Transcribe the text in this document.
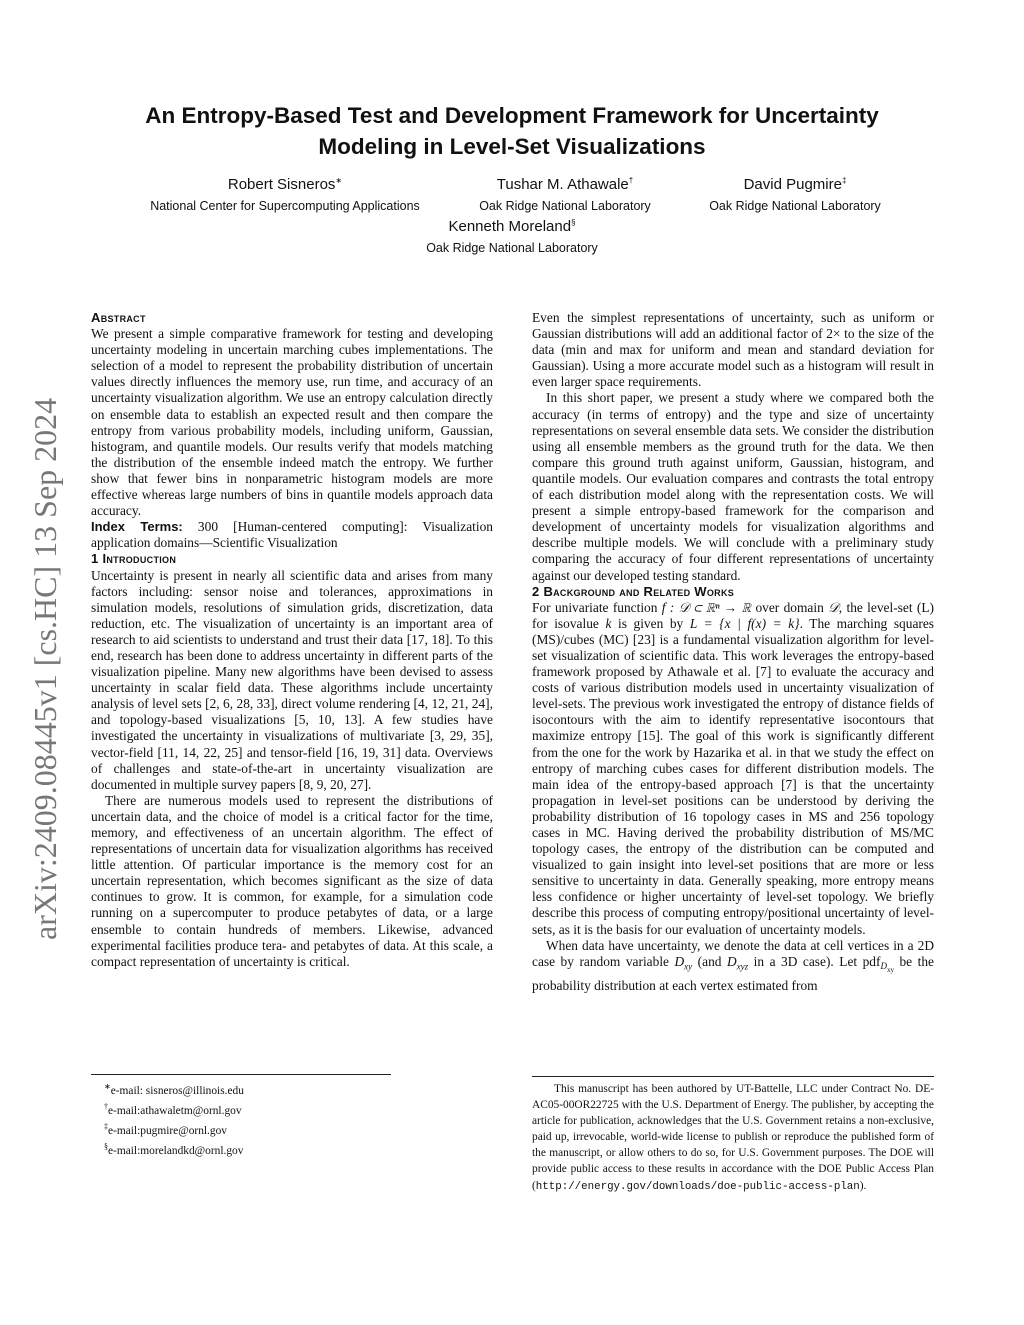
arXiv:2409.08445v1 [cs.HC] 13 Sep 2024
An Entropy-Based Test and Development Framework for Uncertainty
Modeling in Level-Set Visualizations
Robert Sisneros∗
National Center for Supercomputing Applications
Tushar M. Athawale†
Oak Ridge National Laboratory
David Pugmire‡
Oak Ridge National Laboratory
Kenneth Moreland§
Oak Ridge National Laboratory

Abstract

We present a simple comparative framework for testing and developing uncertainty modeling in uncertain marching cubes implementations. The selection of a model to represent the probability distribution of uncertain values directly influences the memory use, run time, and accuracy of an uncertainty visualization algorithm. We use an entropy calculation directly on ensemble data to establish an expected result and then compare the entropy from various probability models, including uniform, Gaussian, histogram, and quantile models. Our results verify that models matching the distribution of the ensemble indeed match the entropy. We further show that fewer bins in nonparametric histogram models are more effective whereas large numbers of bins in quantile models approach data accuracy.

Index Terms: 300 [Human-centered computing]: Visualization application domains—Scientific Visualization

1 Introduction

Uncertainty is present in nearly all scientific data and arises from many factors including: sensor noise and tolerances, approximations in simulation models, resolutions of simulation grids, discretization, data reduction, etc. The visualization of uncertainty is an important area of research to aid scientists to understand and trust their data [17, 18]. To this end, research has been done to address uncertainty in different parts of the visualization pipeline. Many new algorithms have been devised to assess uncertainty in scalar field data. These algorithms include uncertainty analysis of level sets [2, 6, 28, 33], direct volume rendering [4, 12, 21, 24], and topology-based visualizations [5, 10, 13]. A few studies have investigated the uncertainty in visualizations of multivariate [3, 29, 35], vector-field [11, 14, 22, 25] and tensor-field [16, 19, 31] data. Overviews of challenges and state-of-the-art in uncertainty visualization are documented in multiple survey papers [8, 9, 20, 27].

There are numerous models used to represent the distributions of uncertain data, and the choice of model is a critical factor for the time, memory, and effectiveness of an uncertain algorithm. The effect of representations of uncertain data for visualization algorithms has received little attention. Of particular importance is the memory cost for an uncertain representation, which becomes significant as the size of data continues to grow. It is common, for example, for a simulation code running on a supercomputer to produce petabytes of data, or a large ensemble to contain hundreds of members. Likewise, advanced experimental facilities produce tera- and petabytes of data. At this scale, a compact representation of uncertainty is critical.

Even the simplest representations of uncertainty, such as uniform or Gaussian distributions will add an additional factor of 2× to the size of the data (min and max for uniform and mean and standard deviation for Gaussian). Using a more accurate model such as a histogram will result in even larger space requirements.

In this short paper, we present a study where we compared both the accuracy (in terms of entropy) and the type and size of uncertainty representations on several ensemble data sets. We consider the distribution using all ensemble members as the ground truth for the data. We then compare this ground truth against uniform, Gaussian, histogram, and quantile models. Our evaluation compares and contrasts the total entropy of each distribution model along with the representation costs. We will present a simple entropy-based framework for the comparison and development of uncertainty models for visualization algorithms and describe multiple models. We will conclude with a preliminary study comparing the accuracy of four different representations of uncertainty against our developed testing standard.

2 Background and Related Works

For univariate function f : 𝒟 ⊂ ℝⁿ → ℝ over domain 𝒟, the level-set (L) for isovalue k is given by L = {x | f(x) = k}. The marching squares (MS)/cubes (MC) [23] is a fundamental visualization algorithm for level-set visualization of scientific data. This work leverages the entropy-based framework proposed by Athawale et al. [7] to evaluate the accuracy and costs of various distribution models used in uncertainty visualization of level-sets. The previous work investigated the entropy of distance fields of isocontours with the aim to identify representative isocontours that maximize entropy [15]. The goal of this work is significantly different from the one for the work by Hazarika et al. in that we study the effect on entropy of marching cubes cases for different distribution models. The main idea of the entropy-based approach [7] is that the uncertainty propagation in level-set positions can be understood by deriving the probability distribution of 16 topology cases in MS and 256 topology cases in MC. Having derived the probability distribution of MS/MC topology cases, the entropy of the distribution can be computed and visualized to gain insight into level-set positions that are more or less sensitive to uncertainty in data. Generally speaking, more entropy means less confidence or higher uncertainty of level-set topology. We briefly describe this process of computing entropy/positional uncertainty of level-sets, as it is the basis for our evaluation of uncertainty models.

When data have uncertainty, we denote the data at cell vertices in a 2D case by random variable $D_{xy}$ (and $D_{xyz}$ in a 3D case). Let pdf$_{D_{xy}}$ be the probability distribution at each vertex estimated from

∗e-mail: sisneros@illinois.edu
†e-mail:athawaletm@ornl.gov
‡e-mail:pugmire@ornl.gov
§e-mail:morelandkd@ornl.gov
This manuscript has been authored by UT-Battelle, LLC under Contract No. DE-AC05-00OR22725 with the U.S. Department of Energy. The publisher, by accepting the article for publication, acknowledges that the U.S. Government retains a non-exclusive, paid up, irrevocable, world-wide license to publish or reproduce the published form of the manuscript, or allow others to do so, for U.S. Government purposes. The DOE will provide public access to these results in accordance with the DOE Public Access Plan (http://energy.gov/downloads/doe-public-access-plan).
